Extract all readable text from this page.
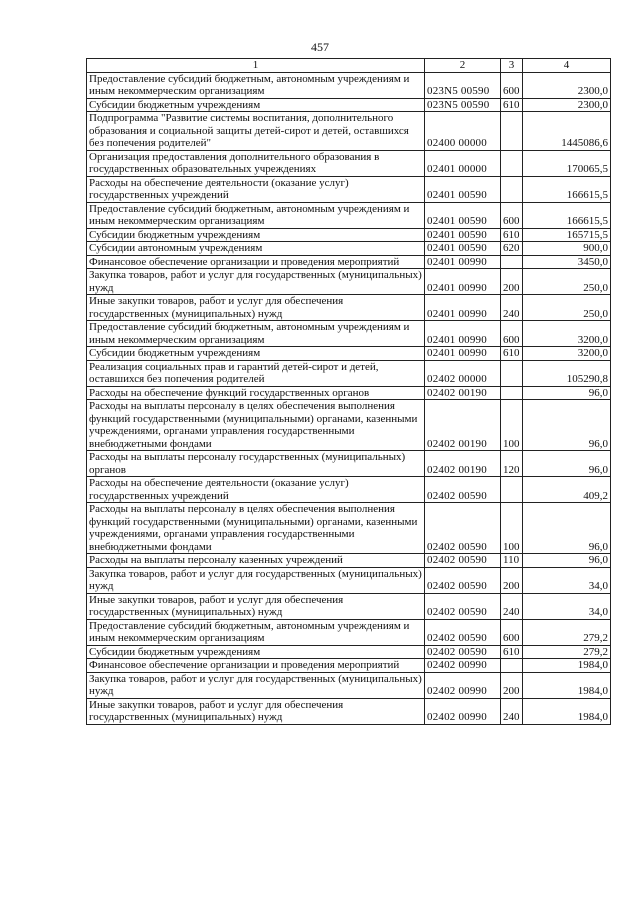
457
1	2	3	4
Предоставление субсидий бюджетным, автономным учреждениям и иным некоммерческим организациям	023N5 00590	600	2300,0
Субсидии бюджетным учреждениям	023N5 00590	610	2300,0
Подпрограмма "Развитие системы воспитания, дополнительного образования и социальной защиты детей-сирот и детей, оставшихся без попечения родителей"	02400 00000		1445086,6
Организация предоставления дополнительного образования в государственных образовательных учреждениях	02401 00000		170065,5
Расходы на обеспечение деятельности (оказание услуг) государственных учреждений	02401 00590		166615,5
Предоставление субсидий бюджетным, автономным учреждениям и иным некоммерческим организациям	02401 00590	600	166615,5
Субсидии бюджетным учреждениям	02401 00590	610	165715,5
Субсидии автономным учреждениям	02401 00590	620	900,0
Финансовое обеспечение организации и проведения мероприятий	02401 00990		3450,0
Закупка товаров, работ и услуг для государственных (муниципальных) нужд	02401 00990	200	250,0
Иные закупки товаров, работ и услуг для обеспечения государственных (муниципальных) нужд	02401 00990	240	250,0
Предоставление субсидий бюджетным, автономным учреждениям и иным некоммерческим организациям	02401 00990	600	3200,0
Субсидии бюджетным учреждениям	02401 00990	610	3200,0
Реализация социальных прав и гарантий детей-сирот и детей, оставшихся без попечения родителей	02402 00000		105290,8
Расходы на обеспечение функций государственных органов	02402 00190		96,0
Расходы на выплаты персоналу в целях обеспечения выполнения функций государственными (муниципальными) органами, казенными учреждениями, органами управления государственными внебюджетными фондами	02402 00190	100	96,0
Расходы на выплаты персоналу государственных (муниципальных) органов	02402 00190	120	96,0
Расходы на обеспечение деятельности (оказание услуг) государственных учреждений	02402 00590		409,2
Расходы на выплаты персоналу в целях обеспечения выполнения функций государственными (муниципальными) органами, казенными учреждениями, органами управления государственными внебюджетными фондами	02402 00590	100	96,0
Расходы на выплаты персоналу казенных учреждений	02402 00590	110	96,0
Закупка товаров, работ и услуг для государственных (муниципальных) нужд	02402 00590	200	34,0
Иные закупки товаров, работ и услуг для обеспечения государственных (муниципальных) нужд	02402 00590	240	34,0
Предоставление субсидий бюджетным, автономным учреждениям и иным некоммерческим организациям	02402 00590	600	279,2
Субсидии бюджетным учреждениям	02402 00590	610	279,2
Финансовое обеспечение организации и проведения мероприятий	02402 00990		1984,0
Закупка товаров, работ и услуг для государственных (муниципальных) нужд	02402 00990	200	1984,0
Иные закупки товаров, работ и услуг для обеспечения государственных (муниципальных) нужд	02402 00990	240	1984,0
